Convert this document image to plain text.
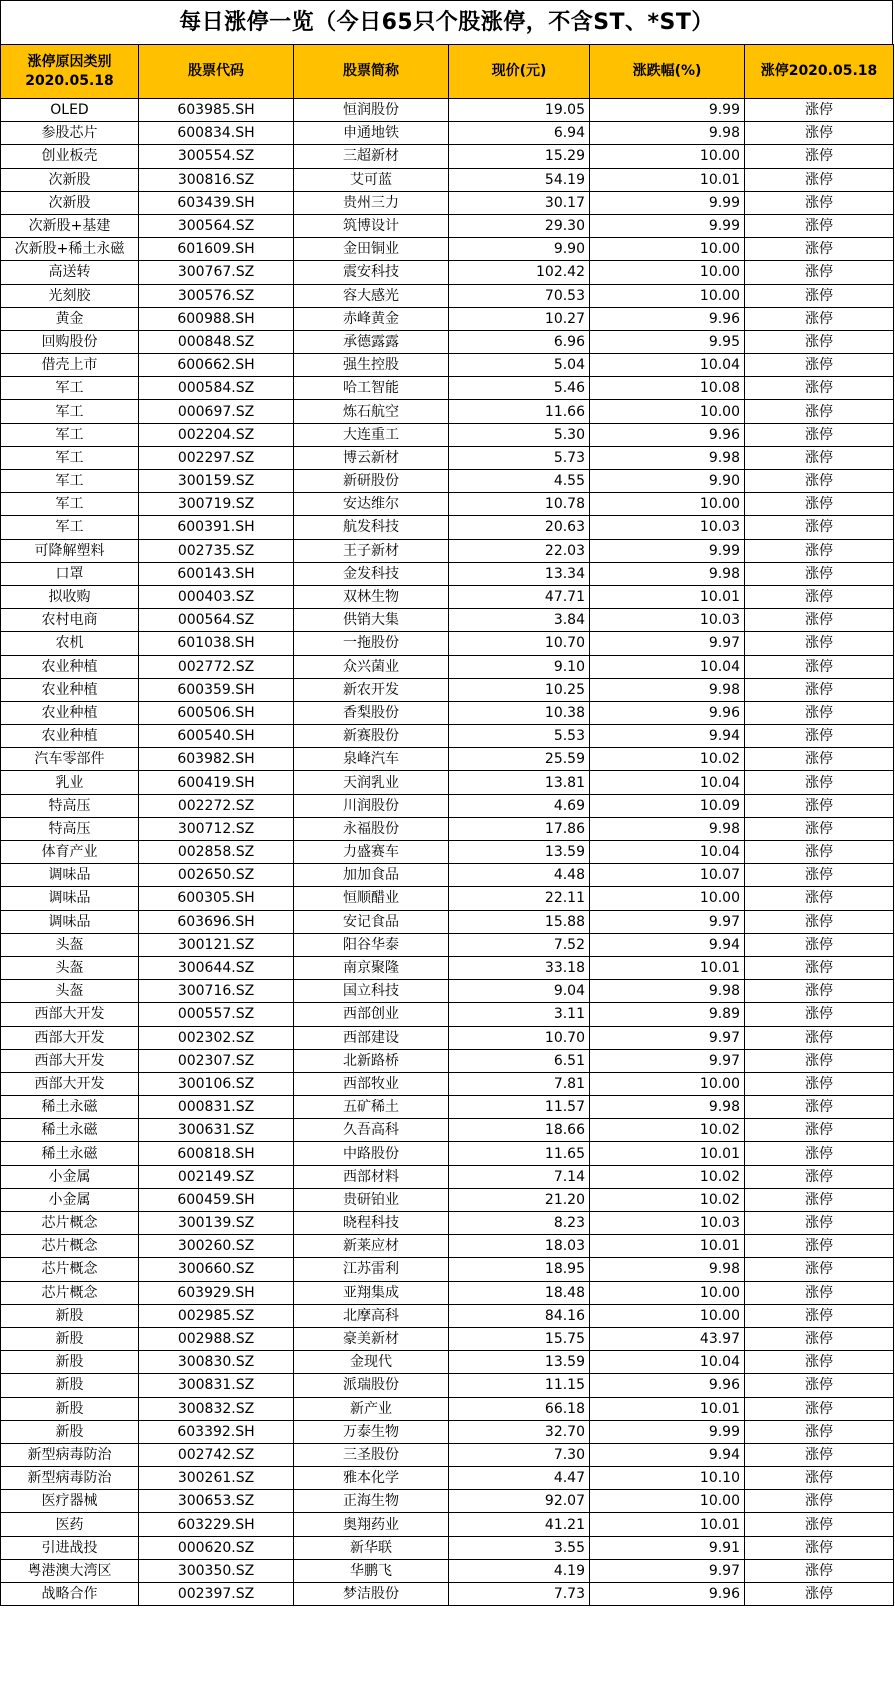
每日涨停一览（今日65只个股涨停，不含ST、*ST）
涨停原因类别
2020.05.18	股票代码	股票简称	现价(元)	涨跌幅(%)	涨停2020.05.18
OLED	603985.SH	恒润股份	19.05	9.99	涨停
参股芯片	600834.SH	申通地铁	6.94	9.98	涨停
创业板壳	300554.SZ	三超新材	15.29	10.00	涨停
次新股	300816.SZ	艾可蓝	54.19	10.01	涨停
次新股	603439.SH	贵州三力	30.17	9.99	涨停
次新股+基建	300564.SZ	筑博设计	29.30	9.99	涨停
次新股+稀土永磁	601609.SH	金田铜业	9.90	10.00	涨停
高送转	300767.SZ	震安科技	102.42	10.00	涨停
光刻胶	300576.SZ	容大感光	70.53	10.00	涨停
黄金	600988.SH	赤峰黄金	10.27	9.96	涨停
回购股份	000848.SZ	承德露露	6.96	9.95	涨停
借壳上市	600662.SH	强生控股	5.04	10.04	涨停
军工	000584.SZ	哈工智能	5.46	10.08	涨停
军工	000697.SZ	炼石航空	11.66	10.00	涨停
军工	002204.SZ	大连重工	5.30	9.96	涨停
军工	002297.SZ	博云新材	5.73	9.98	涨停
军工	300159.SZ	新研股份	4.55	9.90	涨停
军工	300719.SZ	安达维尔	10.78	10.00	涨停
军工	600391.SH	航发科技	20.63	10.03	涨停
可降解塑料	002735.SZ	王子新材	22.03	9.99	涨停
口罩	600143.SH	金发科技	13.34	9.98	涨停
拟收购	000403.SZ	双林生物	47.71	10.01	涨停
农村电商	000564.SZ	供销大集	3.84	10.03	涨停
农机	601038.SH	一拖股份	10.70	9.97	涨停
农业种植	002772.SZ	众兴菌业	9.10	10.04	涨停
农业种植	600359.SH	新农开发	10.25	9.98	涨停
农业种植	600506.SH	香梨股份	10.38	9.96	涨停
农业种植	600540.SH	新赛股份	5.53	9.94	涨停
汽车零部件	603982.SH	泉峰汽车	25.59	10.02	涨停
乳业	600419.SH	天润乳业	13.81	10.04	涨停
特高压	002272.SZ	川润股份	4.69	10.09	涨停
特高压	300712.SZ	永福股份	17.86	9.98	涨停
体育产业	002858.SZ	力盛赛车	13.59	10.04	涨停
调味品	002650.SZ	加加食品	4.48	10.07	涨停
调味品	600305.SH	恒顺醋业	22.11	10.00	涨停
调味品	603696.SH	安记食品	15.88	9.97	涨停
头盔	300121.SZ	阳谷华泰	7.52	9.94	涨停
头盔	300644.SZ	南京聚隆	33.18	10.01	涨停
头盔	300716.SZ	国立科技	9.04	9.98	涨停
西部大开发	000557.SZ	西部创业	3.11	9.89	涨停
西部大开发	002302.SZ	西部建设	10.70	9.97	涨停
西部大开发	002307.SZ	北新路桥	6.51	9.97	涨停
西部大开发	300106.SZ	西部牧业	7.81	10.00	涨停
稀土永磁	000831.SZ	五矿稀土	11.57	9.98	涨停
稀土永磁	300631.SZ	久吾高科	18.66	10.02	涨停
稀土永磁	600818.SH	中路股份	11.65	10.01	涨停
小金属	002149.SZ	西部材料	7.14	10.02	涨停
小金属	600459.SH	贵研铂业	21.20	10.02	涨停
芯片概念	300139.SZ	晓程科技	8.23	10.03	涨停
芯片概念	300260.SZ	新莱应材	18.03	10.01	涨停
芯片概念	300660.SZ	江苏雷利	18.95	9.98	涨停
芯片概念	603929.SH	亚翔集成	18.48	10.00	涨停
新股	002985.SZ	北摩高科	84.16	10.00	涨停
新股	002988.SZ	豪美新材	15.75	43.97	涨停
新股	300830.SZ	金现代	13.59	10.04	涨停
新股	300831.SZ	派瑞股份	11.15	9.96	涨停
新股	300832.SZ	新产业	66.18	10.01	涨停
新股	603392.SH	万泰生物	32.70	9.99	涨停
新型病毒防治	002742.SZ	三圣股份	7.30	9.94	涨停
新型病毒防治	300261.SZ	雅本化学	4.47	10.10	涨停
医疗器械	300653.SZ	正海生物	92.07	10.00	涨停
医药	603229.SH	奥翔药业	41.21	10.01	涨停
引进战投	000620.SZ	新华联	3.55	9.91	涨停
粤港澳大湾区	300350.SZ	华鹏飞	4.19	9.97	涨停
战略合作	002397.SZ	梦洁股份	7.73	9.96	涨停
